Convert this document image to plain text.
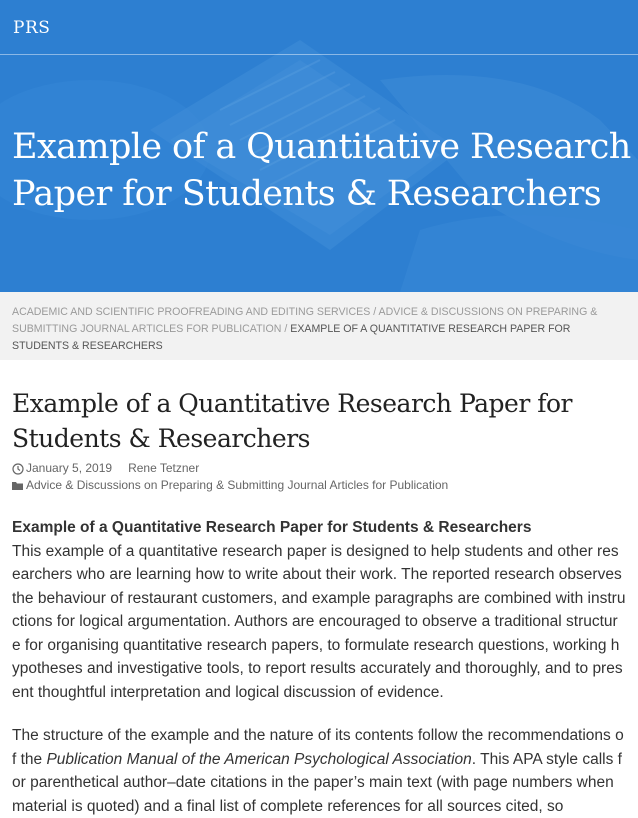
PRS
Example of a Quantitative Research Paper for Students & Researchers
ACADEMIC AND SCIENTIFIC PROOFREADING AND EDITING SERVICES / ADVICE & DISCUSSIONS ON PREPARING & SUBMITTING JOURNAL ARTICLES FOR PUBLICATION / EXAMPLE OF A QUANTITATIVE RESEARCH PAPER FOR STUDENTS & RESEARCHERS
Example of a Quantitative Research Paper for Students & Researchers
January 5, 2019 Rene Tetzner
Advice & Discussions on Preparing & Submitting Journal Articles for Publication

Example of a Quantitative Research Paper for Students & Researchers
This example of a quantitative research paper is designed to help students and other researchers who are learning how to write about their work. The reported research observes the behaviour of restaurant customers, and example paragraphs are combined with instructions for logical argumentation. Authors are encouraged to observe a traditional structure for organising quantitative research papers, to formulate research questions, working hypotheses and investigative tools, to report results accurately and thoroughly, and to present thoughtful interpretation and logical discussion of evidence.

The structure of the example and the nature of its contents follow the recommendations of the Publication Manual of the American Psychological Association. This APA style calls for parenthetical author–date citations in the paper’s main text (with page numbers when material is quoted) and a final list of complete references for all sources cited, so
